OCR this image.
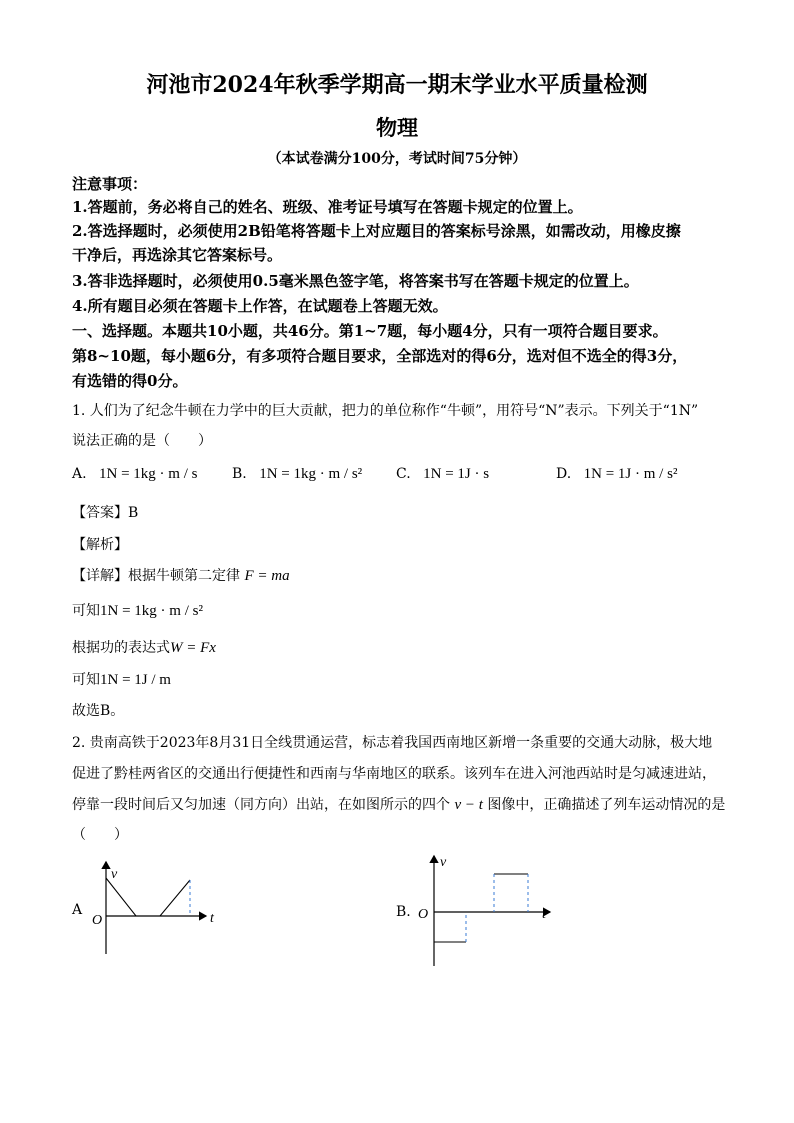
河池市2024年秋季学期高一期末学业水平质量检测
物理
（本试卷满分100分，考试时间75分钟）
注意事项：
1.答题前，务必将自己的姓名、班级、准考证号填写在答题卡规定的位置上。
2.答选择题时，必须使用2B铅笔将答题卡上对应题目的答案标号涂黑，如需改动，用橡皮擦
干净后，再选涂其它答案标号。
3.答非选择题时，必须使用0.5毫米黑色签字笔，将答案书写在答题卡规定的位置上。
4.所有题目必须在答题卡上作答，在试题卷上答题无效。
一、选择题。本题共10小题，共46分。第1~7题，每小题4分，只有一项符合题目要求。
第8~10题，每小题6分，有多项符合题目要求，全部选对的得6分，选对但不选全的得3分，
有选错的得0分。
1. 人们为了纪念牛顿在力学中的巨大贡献，把力的单位称作“牛顿”，用符号“N”表示。下列关于“1N”
说法正确的是（　　）
A. 1N = 1kg · m / s B. 1N = 1kg · m / s² C. 1N = 1J · s	D. 1N = 1J · m / s²
【答案】B
【解析】
【详解】根据牛顿第二定律 F = ma
可知1N = 1kg · m / s²
根据功的表达式W = Fx
可知1N = 1J / m
故选B。
2. 贵南高铁于2023年8月31日全线贯通运营，标志着我国西南地区新增一条重要的交通大动脉，极大地
促进了黔桂两省区的交通出行便捷性和西南与华南地区的联系。该列车在进入河池西站时是匀减速进站，
停靠一段时间后又匀加速（同方向）出站，在如图所示的四个 v − t 图像中，正确描述了列车运动情况的是
（　　）
A
v
t
O
B.
v
t
O
